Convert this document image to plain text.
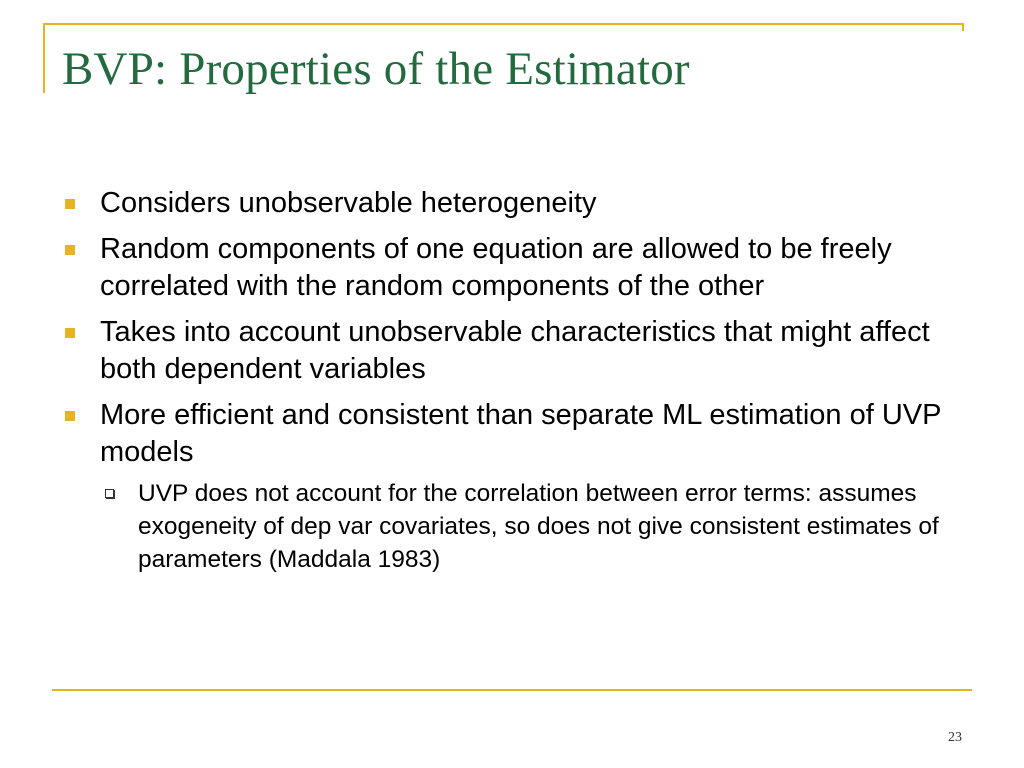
BVP: Properties of the Estimator
Considers unobservable heterogeneity
Random components of one equation are allowed to be freely correlated with the random components of the other
Takes into account unobservable characteristics that might affect both dependent variables
More efficient and consistent than separate ML estimation of UVP models
UVP does not account for the correlation between error terms: assumes exogeneity of dep var covariates, so does not give consistent estimates of parameters (Maddala 1983)
23
